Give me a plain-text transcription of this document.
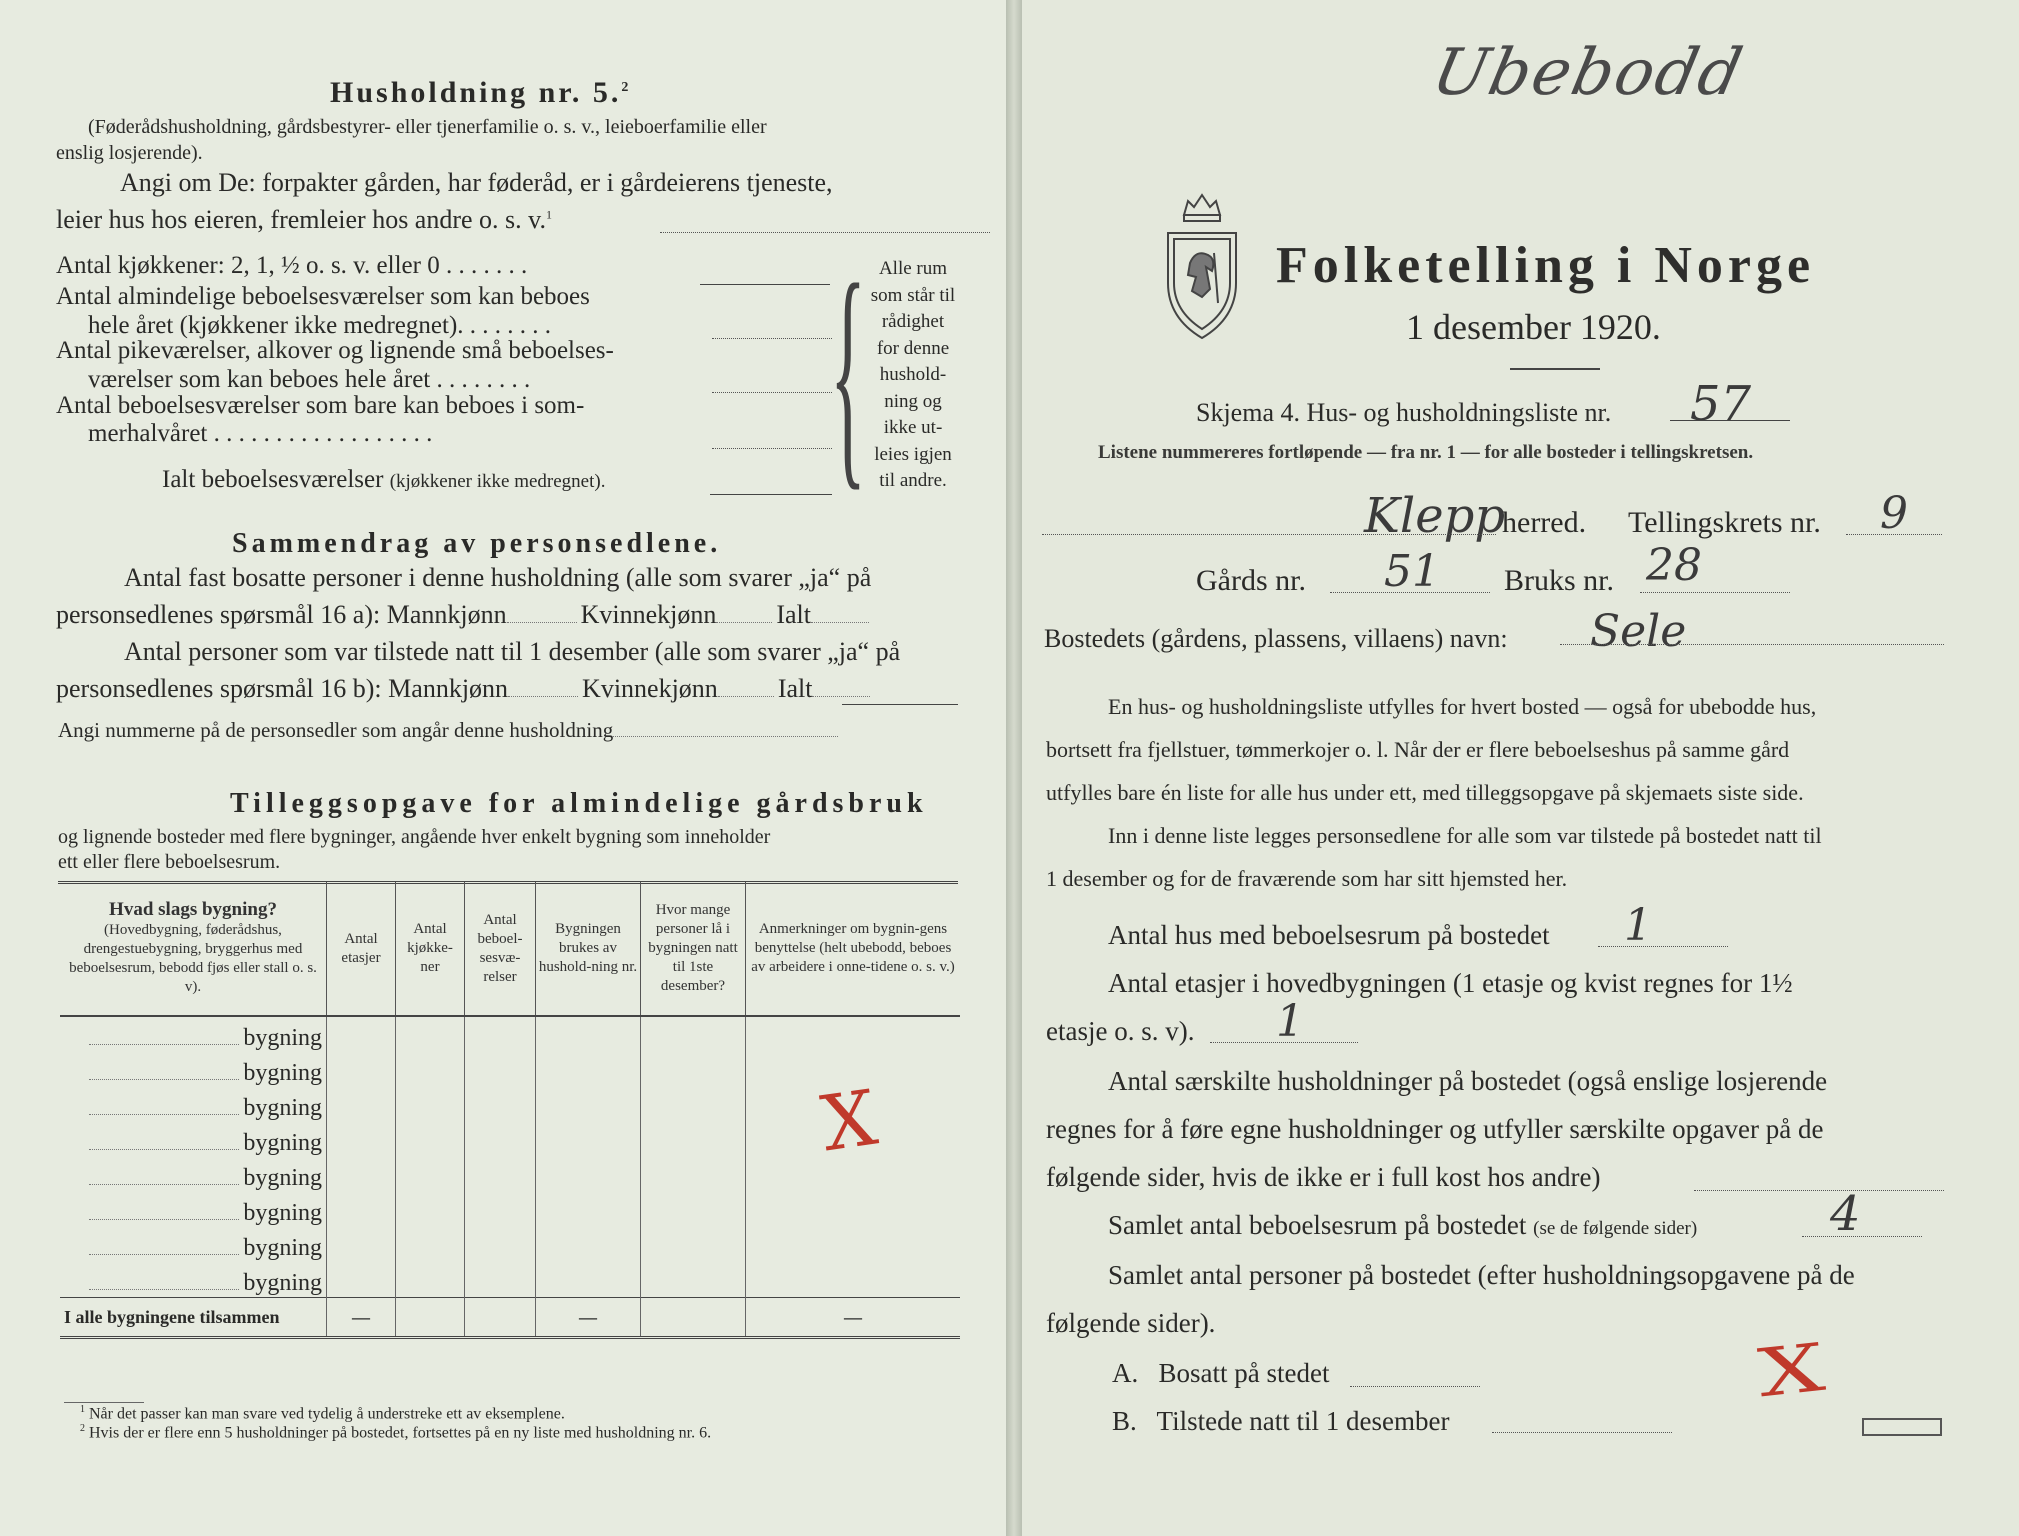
Husholdning nr. 5.$^2$
(Føderådshusholdning, gårdsbestyrer- eller tjenerfamilie o. s. v., leieboerfamilie eller
enslig losjerende).
Angi om De: forpakter gården, har føderåd, er i gårdeierens tjeneste,
leier hus hos eieren, fremleier hos andre o. s. v.$^1$
Antal kjøkkener: 2, 1, ½ o. s. v. eller 0 . . . . . . .
Antal almindelige beboelsesværelser som kan beboes
hele året (kjøkkener ikke medregnet). . . . . . . .
Antal pikeværelser, alkover og lignende små beboelses-
værelser som kan beboes hele året . . . . . . . .
Antal beboelsesværelser som bare kan beboes i som-
merhalvåret . . . . . . . . . . . . . . . . . .
Ialt beboelsesværelser (kjøkkener ikke medregnet). { Alle rum
som står til
rådighet
for denne
hushold-
ning og
ikke ut-
leies igjen
til andre.
Sammendrag av personsedlene.
Antal fast bosatte personer i denne husholdning (alle som svarer „ja“ på
personsedlenes spørsmål 16 a): Mannkjønn	Kvinnekjønn Ialt
Antal personer som var tilstede natt til 1 desember (alle som svarer „ja“ på
personsedlenes spørsmål 16 b): Mannkjønn	Kvinnekjønn Ialt
Angi nummerne på de personsedler som angår denne husholdning
Tilleggsopgave for almindelige gårdsbruk
og lignende bosteder med flere bygninger, angående hver enkelt bygning som inneholder
ett eller flere beboelsesrum.
Hvad slags bygning?
(Hovedbygning, føderådshus, drengestuebygning, bryggerhus med beboelsesrum, bebodd fjøs eller stall o. s. v).	Antal etasjer	Antal kjøkke-ner	Antal beboel-sesvæ-relser	Bygningen brukes av hushold-ning nr.	Hvor mange personer lå i bygningen natt til 1ste desember?	Anmerkninger om bygnin-gens benyttelse (helt ubebodd, beboes av arbeidere i onne-tidene o. s. v.)
bygning						
bygning						
bygning						
bygning						
bygning						
bygning						
bygning						
bygning						
I alle bygningene tilsammen	—			—		—
X
$^1$ Når det passer kan man svare ved tydelig å understreke ett av eksemplene.
$^2$ Hvis der er flere enn 5 husholdninger på bostedet, fortsettes på en ny liste med husholdning nr. 6.
Ubebodd
Folketelling i Norge
1 desember 1920.
Skjema 4. Hus- og husholdningsliste nr. 57
Listene nummereres fortløpende — fra nr. 1 — for alle bosteder i tellingskretsen.
Klepp
herred. Tellingskrets nr. 9
Gårds nr. 51 Bruks nr. 28
Bostedets (gårdens, plassens, villaens) navn: Sele
En hus- og husholdningsliste utfylles for hvert bosted — også for ubebodde hus,
bortsett fra fjellstuer, tømmerkojer o. l. Når der er flere beboelseshus på samme gård
utfylles bare én liste for alle hus under ett, med tilleggsopgave på skjemaets siste side.
Inn i denne liste legges personsedlene for alle som var tilstede på bostedet natt til
1 desember og for de fraværende som har sitt hjemsted her.
Antal hus med beboelsesrum på bostedet 1
Antal etasjer i hovedbygningen (1 etasje og kvist regnes for 1½
etasje o. s. v). 1
Antal særskilte husholdninger på bostedet (også enslige losjerende
regnes for å føre egne husholdninger og utfyller særskilte opgaver på de
følgende sider, hvis de ikke er i full kost hos andre)
Samlet antal beboelsesrum på bostedet (se de følgende sider)	4
Samlet antal personer på bostedet (efter husholdningsopgavene på de
følgende sider).
A. Bosatt på stedet	X
B. Tilstede natt til 1 desember
